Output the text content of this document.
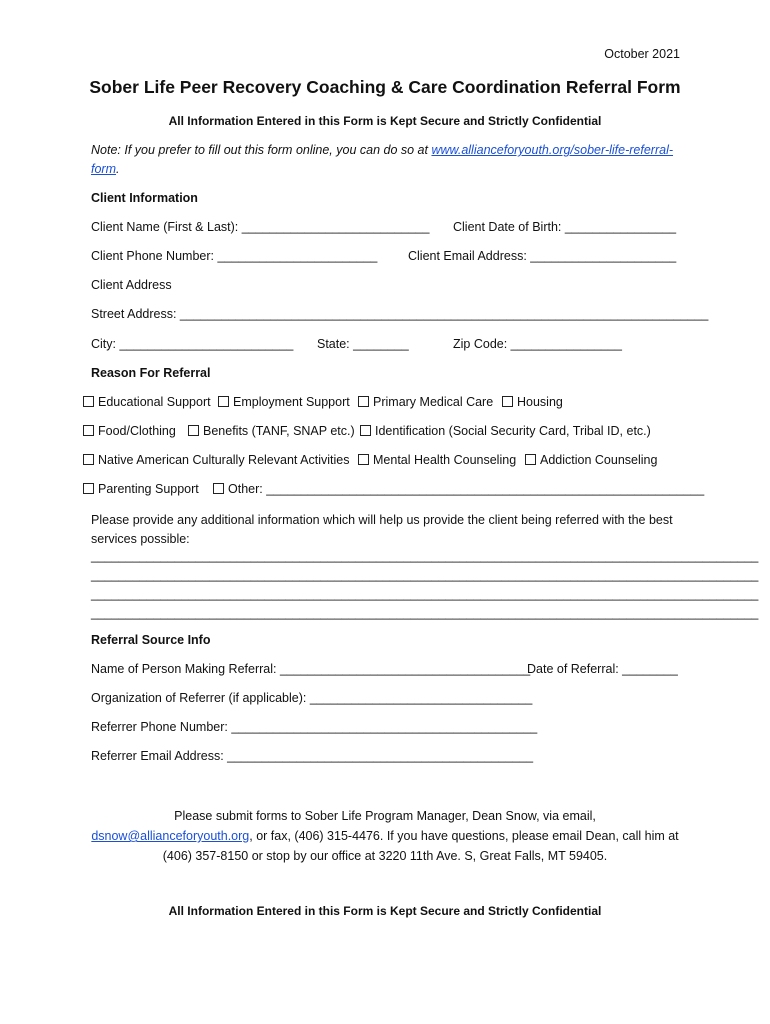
October 2021
Sober Life Peer Recovery Coaching & Care Coordination Referral Form
All Information Entered in this Form is Kept Secure and Strictly Confidential
Note: If you prefer to fill out this form online, you can do so at www.allianceforyouth.org/sober-life-referral-form.
Client Information
Client Name (First & Last): ___________________________ Client Date of Birth: ________________
Client Phone Number: _______________________ Client Email Address: _____________________
Client Address
Street Address: ____________________________________________________________________________
City: _________________________ State: ________	Zip Code: ________________
Reason For Referral
Educational Support	Employment Support	Primary Medical Care	Housing
Food/Clothing	Benefits (TANF, SNAP etc.)	Identification (Social Security Card, Tribal ID, etc.)
Native American Culturally Relevant Activities	Mental Health Counseling	Addiction Counseling
Parenting Support	Other: _______________________________________________________________
Please provide any additional information which will help us provide the client being referred with the best services possible:
________________________________________________________________________________________________
________________________________________________________________________________________________
________________________________________________________________________________________________
________________________________________________________________________________________________
Referral Source Info
Name of Person Making Referral: ____________________________________
Date of Referral: ________
Organization of Referrer (if applicable): ________________________________
Referrer Phone Number: ____________________________________________
Referrer Email Address: ____________________________________________
Please submit forms to Sober Life Program Manager, Dean Snow, via email,
dsnow@allianceforyouth.org, or fax, (406) 315-4476. If you have questions, please email Dean, call him at (406) 357-8150 or stop by our office at 3220 11th Ave. S, Great Falls, MT 59405.
All Information Entered in this Form is Kept Secure and Strictly Confidential
